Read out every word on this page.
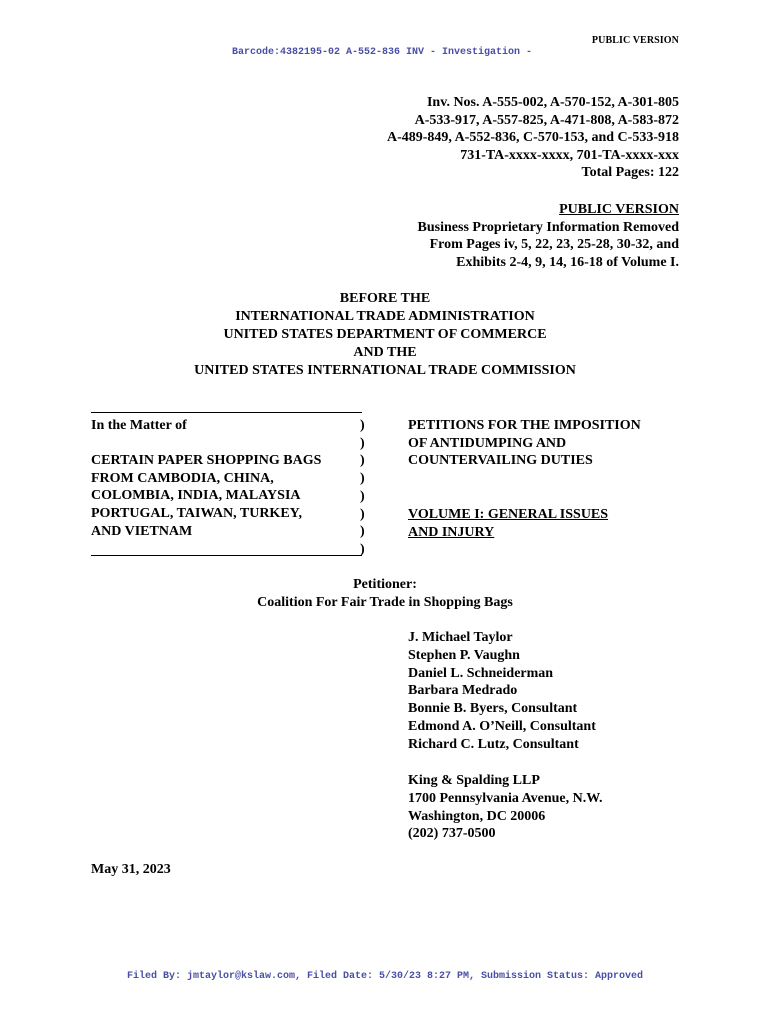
PUBLIC VERSION
Barcode:4382195-02 A-552-836 INV - Investigation -
Inv. Nos. A-555-002, A-570-152, A-301-805
A-533-917, A-557-825, A-471-808, A-583-872
A-489-849, A-552-836, C-570-153, and C-533-918
731-TA-xxxx-xxxx, 701-TA-xxxx-xxx
Total Pages: 122
PUBLIC VERSION
Business Proprietary Information Removed
From Pages iv, 5, 22, 23, 25-28, 30-32, and
Exhibits 2-4, 9, 14, 16-18 of Volume I.
BEFORE THE
INTERNATIONAL TRADE ADMINISTRATION
UNITED STATES DEPARTMENT OF COMMERCE
AND THE
UNITED STATES INTERNATIONAL TRADE COMMISSION
In the Matter of
CERTAIN PAPER SHOPPING BAGS
FROM CAMBODIA, CHINA,
COLOMBIA, INDIA, MALAYSIA
PORTUGAL, TAIWAN, TURKEY,
AND VIETNAM
)
)
)
)
)
)
)
)
PETITIONS FOR THE IMPOSITION
OF ANTIDUMPING AND
COUNTERVAILING DUTIES
VOLUME I: GENERAL ISSUES
AND INJURY
Petitioner:
Coalition For Fair Trade in Shopping Bags
J. Michael Taylor
Stephen P. Vaughn
Daniel L. Schneiderman
Barbara Medrado
Bonnie B. Byers, Consultant
Edmond A. O’Neill, Consultant
Richard C. Lutz, Consultant
King & Spalding LLP
1700 Pennsylvania Avenue, N.W.
Washington, DC 20006
(202) 737-0500
May 31, 2023
Filed By: jmtaylor@kslaw.com, Filed Date: 5/30/23 8:27 PM, Submission Status: Approved
